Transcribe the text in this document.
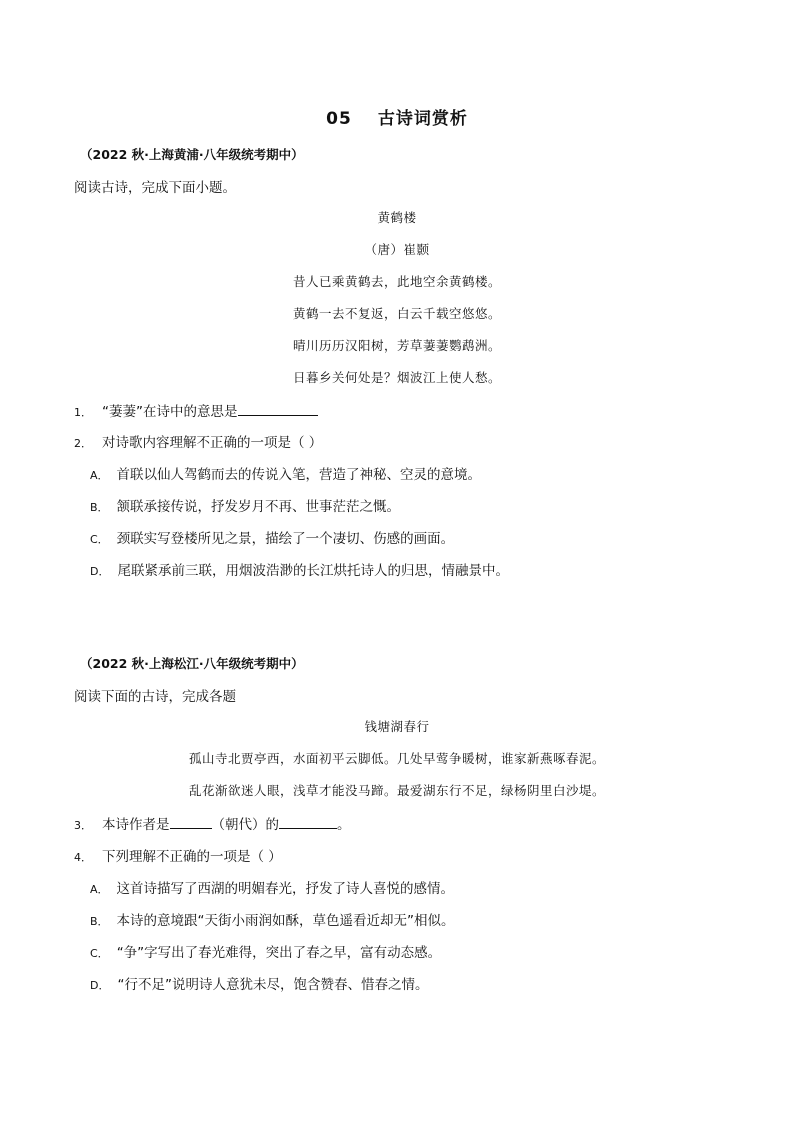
05 古诗词赏析
（2022 秋·上海黄浦·八年级统考期中）
阅读古诗，完成下面小题。
黄鹤楼
（唐）崔颢
昔人已乘黄鹤去，此地空余黄鹤楼。
黄鹤一去不复返，白云千载空悠悠。
晴川历历汉阳树，芳草萋萋鹦鹉洲。
日暮乡关何处是？烟波江上使人愁。
1． “萋萋”在诗中的意思是
2． 对诗歌内容理解不正确的一项是（ ）
A． 首联以仙人驾鹤而去的传说入笔，营造了神秘、空灵的意境。
B． 颔联承接传说，抒发岁月不再、世事茫茫之慨。
C． 颈联实写登楼所见之景，描绘了一个凄切、伤感的画面。
D． 尾联紧承前三联，用烟波浩渺的长江烘托诗人的归思，情融景中。
（2022 秋·上海松江·八年级统考期中）
阅读下面的古诗，完成各题
钱塘湖春行
孤山寺北贾亭西，水面初平云脚低。几处早莺争暖树，谁家新燕啄春泥。
乱花渐欲迷人眼，浅草才能没马蹄。最爱湖东行不足，绿杨阴里白沙堤。
3． 本诗作者是	（朝代）的	。
4． 下列理解不正确的一项是（ ）
A． 这首诗描写了西湖的明媚春光，抒发了诗人喜悦的感情。
B． 本诗的意境跟“天街小雨润如酥，草色遥看近却无”相似。
C． “争”字写出了春光难得，突出了春之早，富有动态感。
D． “行不足”说明诗人意犹未尽，饱含赞春、惜春之情。
